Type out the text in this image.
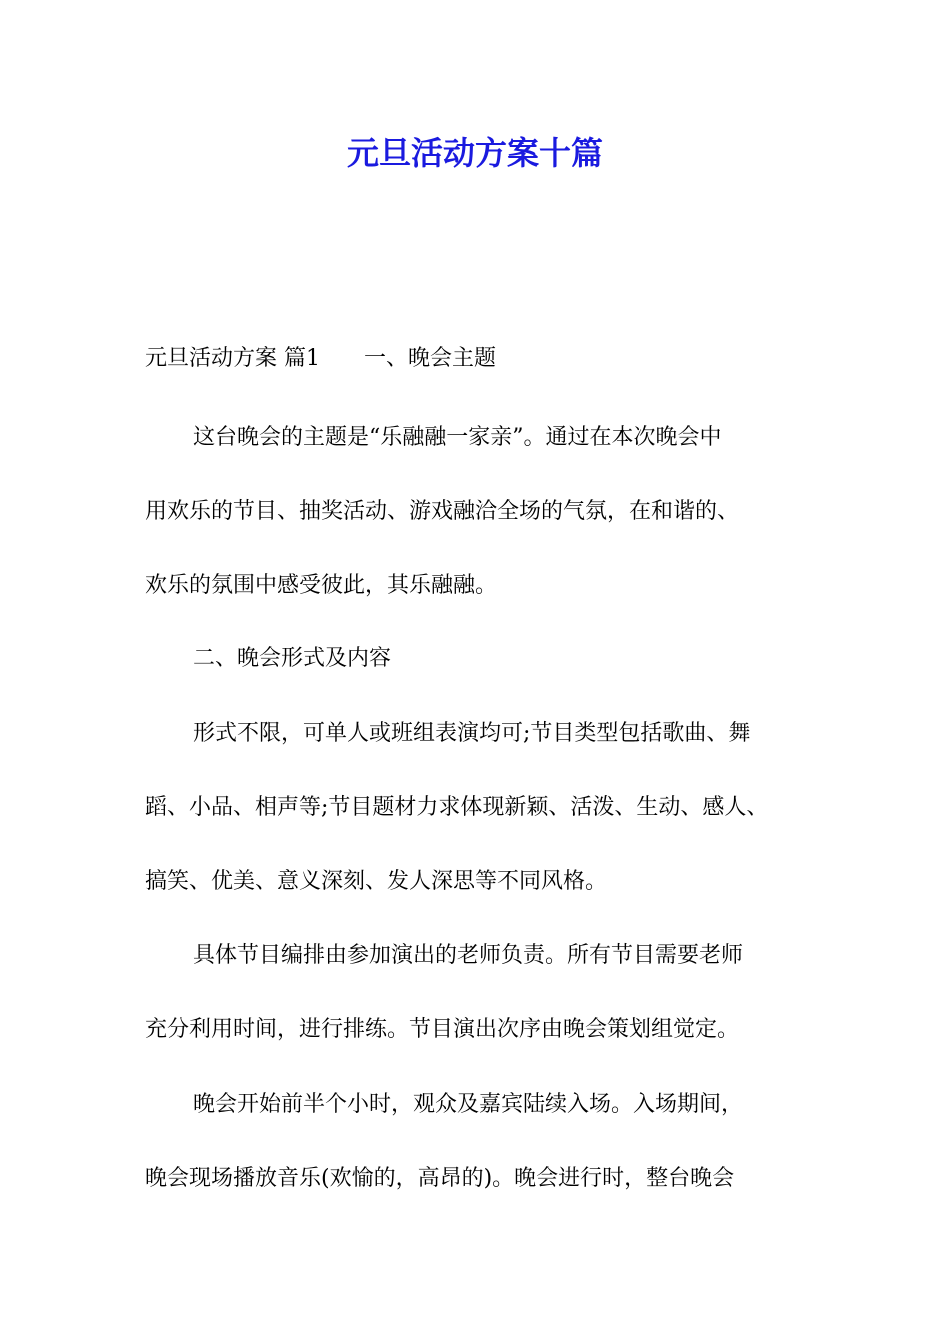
元旦活动方案十篇

元旦活动方案 篇1 一、晚会主题

这台晚会的主题是“乐融融一家亲”。通过在本次晚会中

用欢乐的节目、抽奖活动、游戏融洽全场的气氛，在和谐的、

欢乐的氛围中感受彼此，其乐融融。

二、晚会形式及内容

形式不限，可单人或班组表演均可;节目类型包括歌曲、舞

蹈、小品、相声等;节目题材力求体现新颖、活泼、生动、感人、

搞笑、优美、意义深刻、发人深思等不同风格。

具体节目编排由参加演出的老师负责。所有节目需要老师

充分利用时间，进行排练。节目演出次序由晚会策划组觉定。

晚会开始前半个小时，观众及嘉宾陆续入场。入场期间，

晚会现场播放音乐(欢愉的，高昂的)。晚会进行时，整台晚会
